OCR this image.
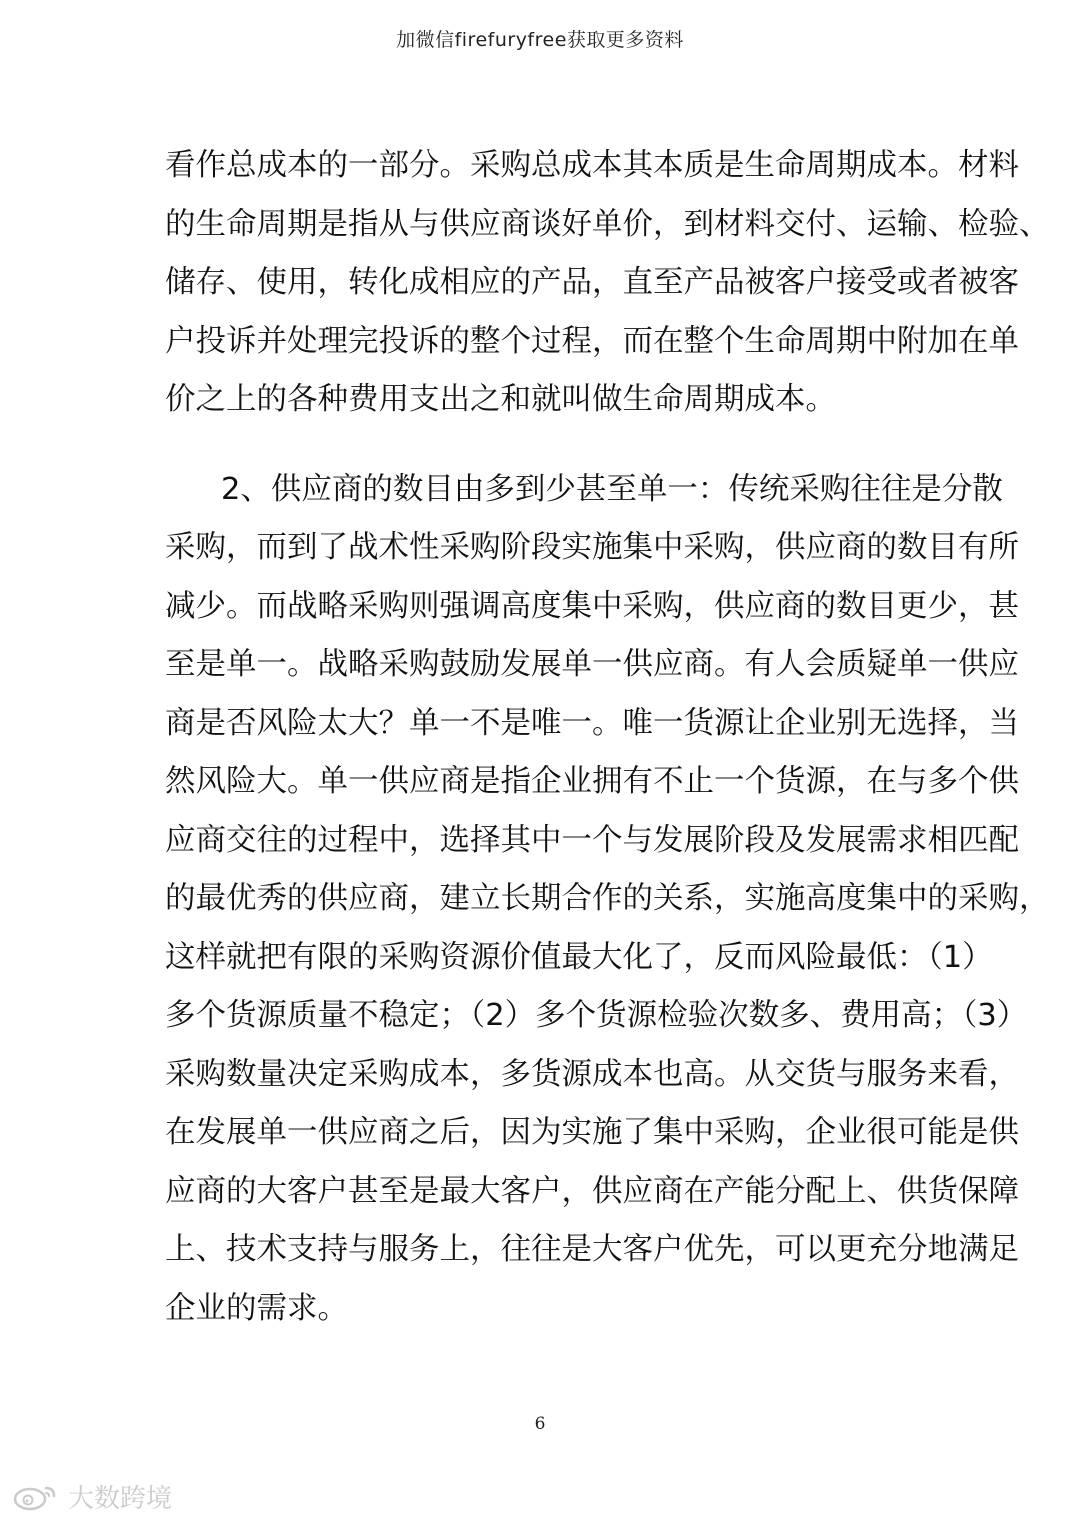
加微信firefuryfree获取更多资料
看作总成本的一部分。采购总成本其本质是生命周期成本。材料
的生命周期是指从与供应商谈好单价，到材料交付、运输、检验、
储存、使用，转化成相应的产品，直至产品被客户接受或者被客
户投诉并处理完投诉的整个过程，而在整个生命周期中附加在单
价之上的各种费用支出之和就叫做生命周期成本。
2、供应商的数目由多到少甚至单一：传统采购往往是分散
采购，而到了战术性采购阶段实施集中采购，供应商的数目有所
减少。而战略采购则强调高度集中采购，供应商的数目更少，甚
至是单一。战略采购鼓励发展单一供应商。有人会质疑单一供应
商是否风险太大？单一不是唯一。唯一货源让企业别无选择，当
然风险大。单一供应商是指企业拥有不止一个货源，在与多个供
应商交往的过程中，选择其中一个与发展阶段及发展需求相匹配
的最优秀的供应商，建立长期合作的关系，实施高度集中的采购，
这样就把有限的采购资源价值最大化了，反而风险最低：（1）
多个货源质量不稳定；（2）多个货源检验次数多、费用高；（3）
采购数量决定采购成本，多货源成本也高。从交货与服务来看，
在发展单一供应商之后，因为实施了集中采购，企业很可能是供
应商的大客户甚至是最大客户，供应商在产能分配上、供货保障
上、技术支持与服务上，往往是大客户优先，可以更充分地满足
企业的需求。
6
大数跨境
